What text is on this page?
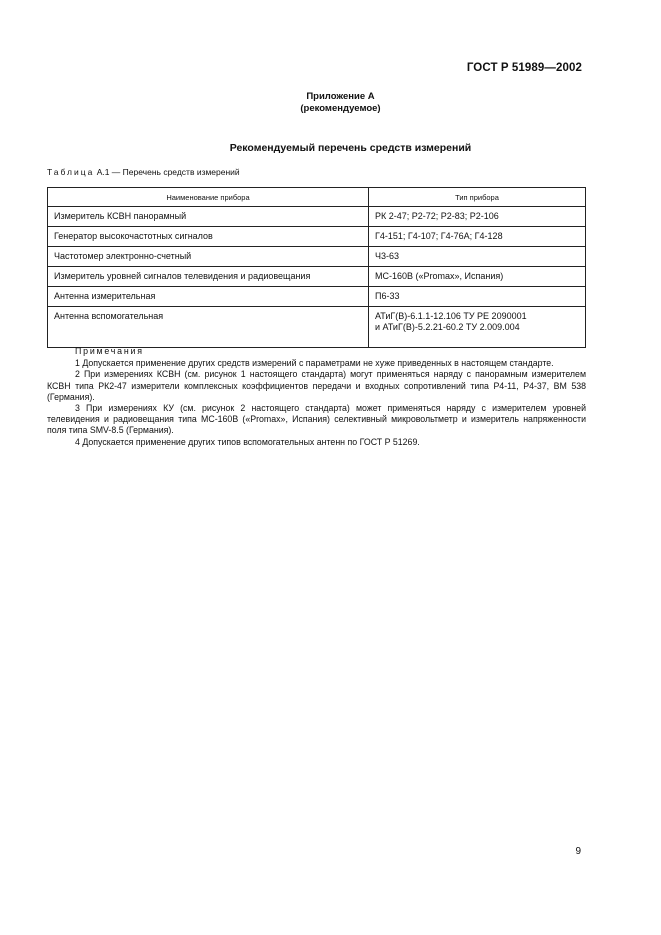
ГОСТ Р 51989—2002
Приложение А
(рекомендуемое)
Рекомендуемый перечень средств измерений
Таблица А.1 — Перечень средств измерений
Наименование прибора	Тип прибора
Измеритель КСВН панорамный	РК 2-47; Р2-72; Р2-83; Р2-106
Генератор высокочастотных сигналов	Г4-151; Г4-107; Г4-76А; Г4-128
Частотомер электронно-счетный	Ч3-63
Измеритель уровней сигналов телевидения и радиовещания	МС-160В («Promax», Испания)
Антенна измерительная	П6-33
Антенна вспомогательная	АТиГ(В)-6.1.1-12.106 ТУ РЕ 2090001
и АТиГ(В)-5.2.21-60.2 ТУ 2.009.004
Примечания

1 Допускается применение других средств измерений с параметрами не хуже приведенных в настоящем стандарте.

2 При измерениях КСВН (см. рисунок 1 настоящего стандарта) могут применяться наряду с панорамным измерителем КСВН типа РК2-47 измерители комплексных коэффициентов передачи и входных сопротивлений типа Р4-11, Р4-37, ВМ 538 (Германия).

3 При измерениях КУ (см. рисунок 2 настоящего стандарта) может применяться наряду с измерителем уровней телевидения и радиовещания типа МС-160В («Promax», Испания) селективный микровольтметр и измеритель напряженности поля типа SMV-8.5 (Германия).

4 Допускается применение других типов вспомогательных антенн по ГОСТ Р 51269.

9
